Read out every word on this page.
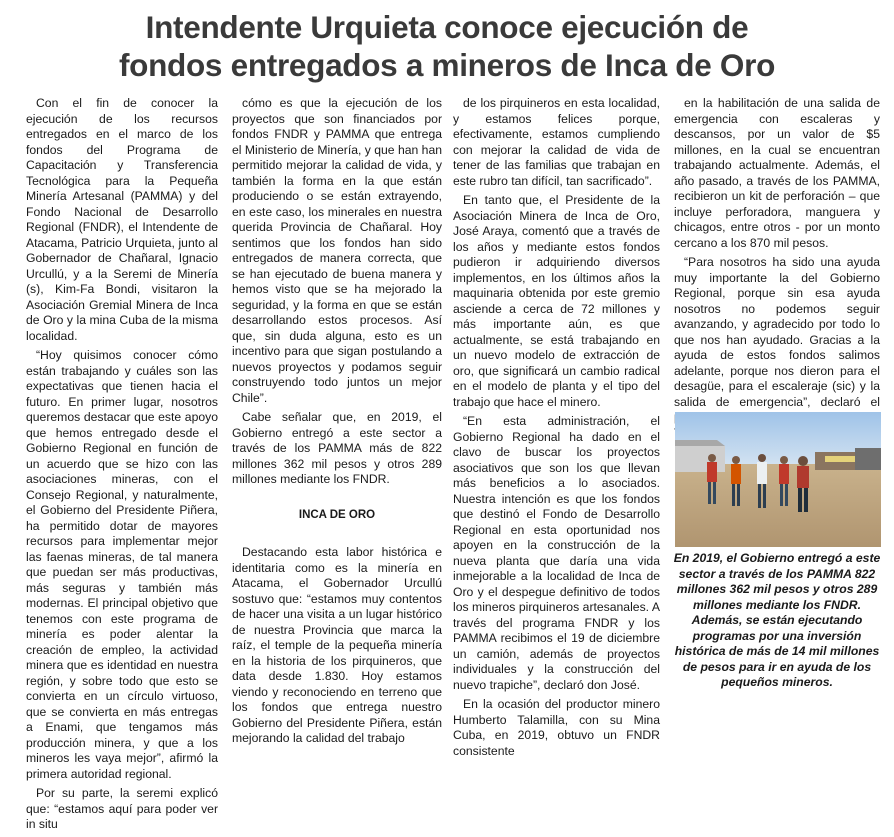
Intendente Urquieta conoce ejecución de
fondos entregados a mineros de Inca de Oro

Con el fin de conocer la ejecución de los recursos entregados en el marco de los fondos del Programa de Capacitación y Transferencia Tecnológica para la Pequeña Minería Artesanal (PAMMA) y del Fondo Nacional de Desarrollo Regional (FNDR), el Intendente de Atacama, Patricio Urquieta, junto al Gobernador de Chañaral, Ignacio Urcullú, y a la Seremi de Minería (s), Kim-Fa Bondi, visitaron la Asociación Gremial Minera de Inca de Oro y la mina Cuba de la misma localidad.

“Hoy quisimos conocer cómo están trabajando y cuáles son las expectativas que tienen hacia el futuro. En primer lugar, nosotros queremos destacar que este apoyo que hemos entregado desde el Gobierno Regional en función de un acuerdo que se hizo con las asociaciones mineras, con el Consejo Regional, y naturalmente, el Gobierno del Presidente Piñera, ha permitido dotar de mayores recursos para implementar mejor las faenas mineras, de tal manera que puedan ser más productivas, más seguras y también más modernas. El principal objetivo que tenemos con este programa de minería es poder alentar la creación de empleo, la actividad minera que es identidad en nuestra región, y sobre todo que esto se convierta en un círculo virtuoso, que se convierta en más entregas a Enami, que tengamos más producción minera, y que a los mineros les vaya mejor”, afirmó la primera autoridad regional.

Por su parte, la seremi explicó que: “estamos aquí para poder ver in situ

cómo es que la ejecución de los proyectos que son financiados por fondos FNDR y PAMMA que entrega el Ministerio de Minería, y que han han permitido mejorar la calidad de vida, y también la forma en la que están produciendo o se están extrayendo, en este caso, los minerales en nuestra querida Provincia de Chañaral. Hoy sentimos que los fondos han sido entregados de manera correcta, que se han ejecutado de buena manera y hemos visto que se ha mejorado la seguridad, y la forma en que se están desarrollando estos procesos. Así que, sin duda alguna, esto es un incentivo para que sigan postulando a nuevos proyectos y podamos seguir construyendo todo juntos un mejor Chile”.

Cabe señalar que, en 2019, el Gobierno entregó a este sector a través de los PAMMA más de 822 millones 362 mil pesos y otros 289 millones mediante los FNDR.

INCA DE ORO

Destacando esta labor histórica e identitaria como es la minería en Atacama, el Gobernador Urcullú sostuvo que: “estamos muy contentos de hacer una visita a un lugar histórico de nuestra Provincia que marca la raíz, el temple de la pequeña minería en la historia de los pirquineros, que data desde 1.830. Hoy estamos viendo y reconociendo en terreno que los fondos que entrega nuestro Gobierno del Presidente Piñera, están mejorando la calidad del trabajo

de los pirquineros en esta localidad, y estamos felices porque, efectivamente, estamos cumpliendo con mejorar la calidad de vida de tener de las familias que trabajan en este rubro tan difícil, tan sacrificado”.

En tanto que, el Presidente de la Asociación Minera de Inca de Oro, José Araya, comentó que a través de los años y mediante estos fondos pudieron ir adquiriendo diversos implementos, en los últimos años la maquinaria obtenida por este gremio asciende a cerca de 72 millones y más importante aún, es que actualmente, se está trabajando en un nuevo modelo de extracción de oro, que significará un cambio radical en el modelo de planta y el tipo del trabajo que hace el minero.

“En esta administración, el Gobierno Regional ha dado en el clavo de buscar los proyectos asociativos que son los que llevan más beneficios a lo asociados. Nuestra intención es que los fondos que destinó el Fondo de Desarrollo Regional en esta oportunidad nos apoyen en la construcción de la nueva planta que daría una vida inmejorable a la localidad de Inca de Oro y el despegue definitivo de todos los mineros pirquineros artesanales. A través del programa FNDR y los PAMMA recibimos el 19 de diciembre un camión, además de proyectos individuales y la construcción del nuevo trapiche”, declaró don José.

En la ocasión del productor minero Humberto Talamilla, con su Mina Cuba, en 2019, obtuvo un FNDR consistente

en la habilitación de una salida de emergencia con escaleras y descansos, por un valor de $5 millones, en la cual se encuentran trabajando actualmente. Además, el año pasado, a través de los PAMMA, recibieron un kit de perforación – que incluye perforadora, manguera y chicagos, entre otros - por un monto cercano a los 870 mil pesos.

“Para nosotros ha sido una ayuda muy importante la del Gobierno Regional, porque sin esa ayuda nosotros no podemos seguir avanzando, y agradecido por todo lo que nos han ayudado. Gracias a la ayuda de estos fondos salimos adelante, porque nos dieron para el desagüe, para el escaleraje (sic) y la salida de emergencia”, declaró el

En 2019, el Gobierno entregó a este sector a través de los PAMMA 822 millones 362 mil pesos y otros 289 millones mediante los FNDR. Además, se están ejecutando programas por una inversión histórica de más de 14 mil millones de pesos para ir en ayuda de los pequeños mineros.
